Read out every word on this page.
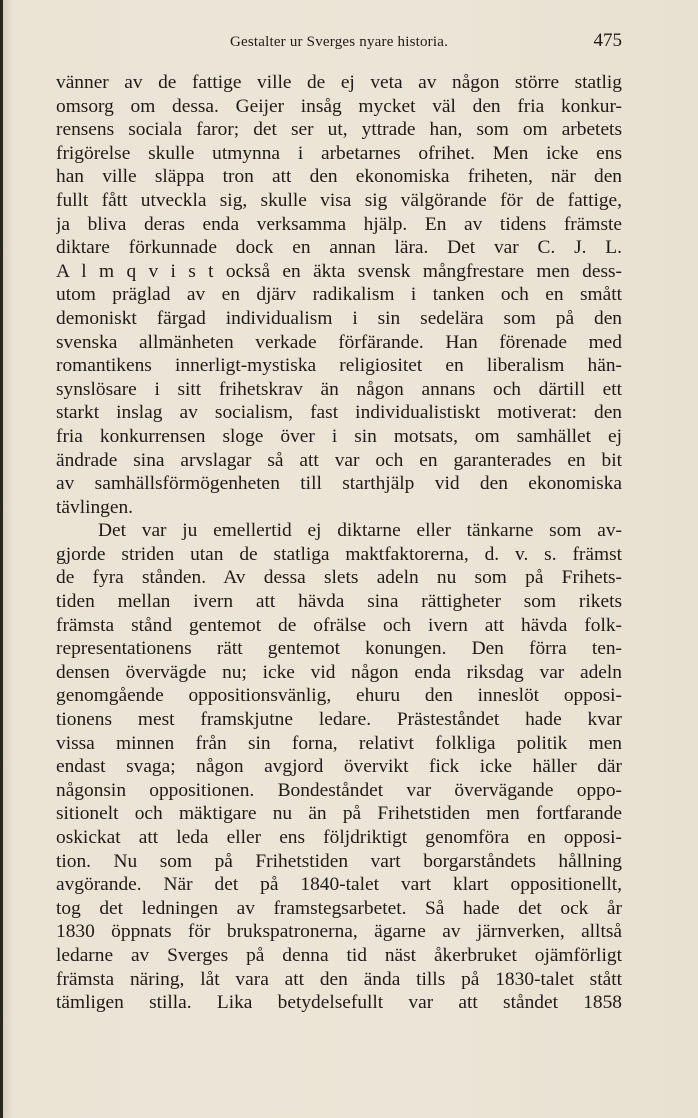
Gestalter ur Sverges nyare historia.	475
vänner av de fattige ville de ej veta av någon större statlig
omsorg om dessa. Geijer insåg mycket väl den fria konkur-
rensens sociala faror; det ser ut, yttrade han, som om arbetets
frigörelse skulle utmynna i arbetarnes ofrihet. Men icke ens
han ville släppa tron att den ekonomiska friheten, när den
fullt fått utveckla sig, skulle visa sig välgörande för de fattige,
ja bliva deras enda verksamma hjälp. En av tidens främste
diktare förkunnade dock en annan lära. Det var C. J. L.
A l m q v i s t också en äkta svensk mångfrestare men dess-
utom präglad av en djärv radikalism i tanken och en smått
demoniskt färgad individualism i sin sedelära som på den
svenska allmänheten verkade förfärande. Han förenade med
romantikens innerligt-mystiska religiositet en liberalism hän-
synslösare i sitt frihetskrav än någon annans och därtill ett
starkt inslag av socialism, fast individualistiskt motiverat: den
fria konkurrensen sloge över i sin motsats, om samhället ej
ändrade sina arvslagar så att var och en garanterades en bit
av samhällsförmögenheten till starthjälp vid den ekonomiska
tävlingen.
Det var ju emellertid ej diktarne eller tänkarne som av-
gjorde striden utan de statliga maktfaktorerna, d. v. s. främst
de fyra stånden. Av dessa slets adeln nu som på Frihets-
tiden mellan ivern att hävda sina rättigheter som rikets
främsta stånd gentemot de ofrälse och ivern att hävda folk-
representationens rätt gentemot konungen. Den förra ten-
densen övervägde nu; icke vid någon enda riksdag var adeln
genomgående oppositionsvänlig, ehuru den inneslöt opposi-
tionens mest framskjutne ledare. Prästeståndet hade kvar
vissa minnen från sin forna, relativt folkliga politik men
endast svaga; någon avgjord övervikt fick icke häller där
någonsin oppositionen. Bondeståndet var övervägande oppo-
sitionelt och mäktigare nu än på Frihetstiden men fortfarande
oskickat att leda eller ens följdriktigt genomföra en opposi-
tion. Nu som på Frihetstiden vart borgarståndets hållning
avgörande. När det på 1840-talet vart klart oppositionellt,
tog det ledningen av framstegsarbetet. Så hade det ock år
1830 öppnats för brukspatronerna, ägarne av järnverken, alltså
ledarne av Sverges på denna tid näst åkerbruket ojämförligt
främsta näring, låt vara att den ända tills på 1830-talet stått
tämligen stilla. Lika betydelsefullt var att ståndet 1858
